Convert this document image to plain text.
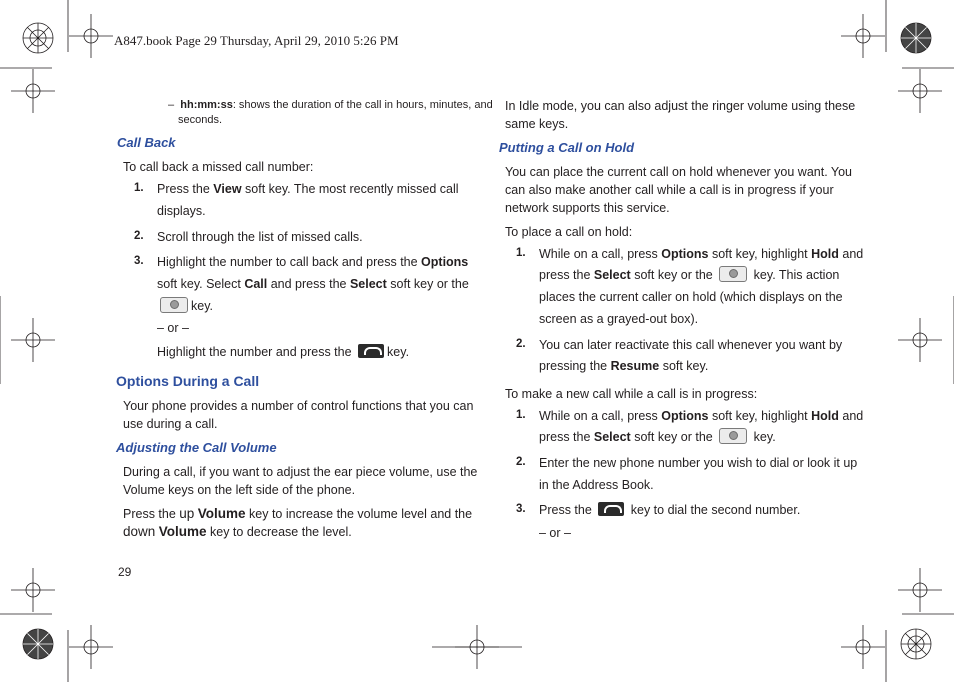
A847.book Page 29 Thursday, April 29, 2010 5:26 PM
– hh:mm:ss: shows the duration of the call in hours, minutes, and
seconds.
Call Back
To call back a missed call number:
1. Press the View soft key. The most recently missed call
displays.
2. Scroll through the list of missed calls.
3. Highlight the number to call back and press the Options
soft key. Select Call and press the Select soft key or the
key.
– or –
Highlight the number and press the	key.
Options During a Call
Your phone provides a number of control functions that you can
use during a call.
Adjusting the Call Volume
During a call, if you want to adjust the ear piece volume, use the
Volume keys on the left side of the phone.
Press the up Volume key to increase the volume level and the
down Volume key to decrease the level.
In Idle mode, you can also adjust the ringer volume using these
same keys.
Putting a Call on Hold
You can place the current call on hold whenever you want. You
can also make another call while a call is in progress if your
network supports this service.
To place a call on hold:
1. While on a call, press Options soft key, highlight Hold and
press the Select soft key or the	key. This action
places the current caller on hold (which displays on the
screen as a grayed-out box).
2. You can later reactivate this call whenever you want by
pressing the Resume soft key.
To make a new call while a call is in progress:
1. While on a call, press Options soft key, highlight Hold and
press the Select soft key or the	key.
2. Enter the new phone number you wish to dial or look it up
in the Address Book.
3. Press the	key to dial the second number.
– or –
29
